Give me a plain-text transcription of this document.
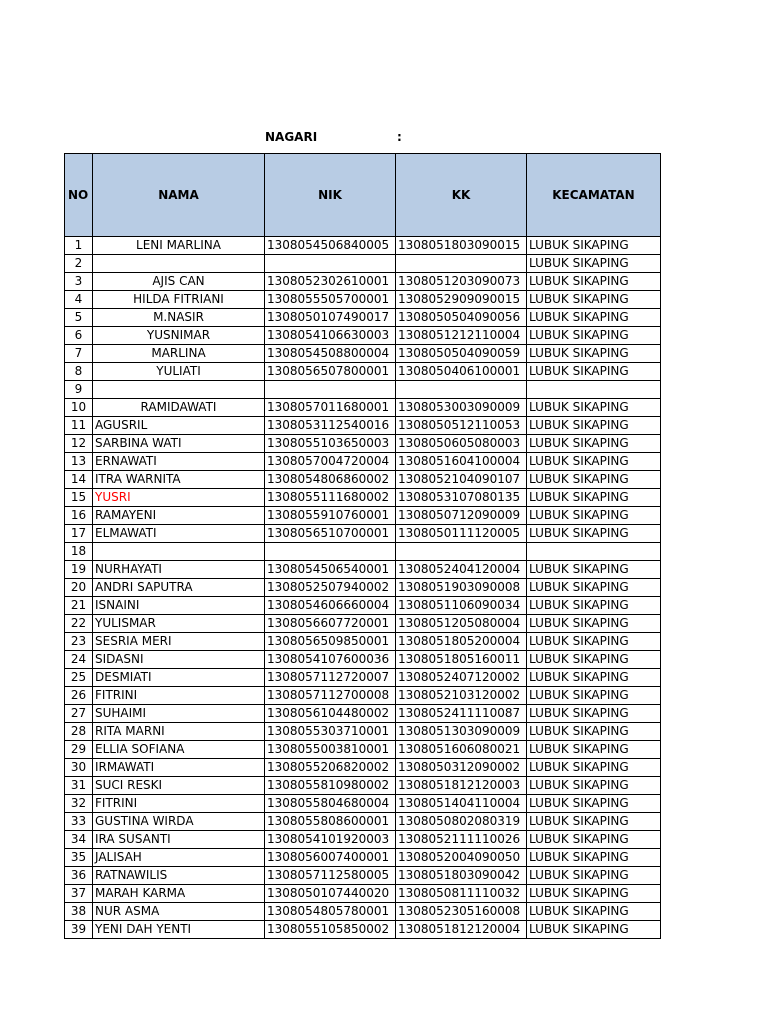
NAGARI	:
NO	NAMA	NIK	KK	KECAMATAN
1	LENI MARLINA	1308054506840005	1308051803090015	LUBUK SIKAPING
2				LUBUK SIKAPING
3	AJIS CAN	1308052302610001	1308051203090073	LUBUK SIKAPING
4	HILDA FITRIANI	1308055505700001	1308052909090015	LUBUK SIKAPING
5	M.NASIR	1308050107490017	1308050504090056	LUBUK SIKAPING
6	YUSNIMAR	1308054106630003	1308051212110004	LUBUK SIKAPING
7	MARLINA	1308054508800004	1308050504090059	LUBUK SIKAPING
8	YULIATI	1308056507800001	1308050406100001	LUBUK SIKAPING
9				
10	RAMIDAWATI	1308057011680001	1308053003090009	LUBUK SIKAPING
11	AGUSRIL	1308053112540016	1308050512110053	LUBUK SIKAPING
12	SARBINA WATI	1308055103650003	1308050605080003	LUBUK SIKAPING
13	ERNAWATI	1308057004720004	1308051604100004	LUBUK SIKAPING
14	ITRA WARNITA	1308054806860002	1308052104090107	LUBUK SIKAPING
15	YUSRI	1308055111680002	1308053107080135	LUBUK SIKAPING
16	RAMAYENI	1308055910760001	1308050712090009	LUBUK SIKAPING
17	ELMAWATI	1308056510700001	1308050111120005	LUBUK SIKAPING
18				
19	NURHAYATI	1308054506540001	1308052404120004	LUBUK SIKAPING
20	ANDRI SAPUTRA	1308052507940002	1308051903090008	LUBUK SIKAPING
21	ISNAINI	1308054606660004	1308051106090034	LUBUK SIKAPING
22	YULISMAR	1308056607720001	1308051205080004	LUBUK SIKAPING
23	SESRIA MERI	1308056509850001	1308051805200004	LUBUK SIKAPING
24	SIDASNI	1308054107600036	1308051805160011	LUBUK SIKAPING
25	DESMIATI	1308057112720007	1308052407120002	LUBUK SIKAPING
26	FITRINI	1308057112700008	1308052103120002	LUBUK SIKAPING
27	SUHAIMI	1308056104480002	1308052411110087	LUBUK SIKAPING
28	RITA MARNI	1308055303710001	1308051303090009	LUBUK SIKAPING
29	ELLIA SOFIANA	1308055003810001	1308051606080021	LUBUK SIKAPING
30	IRMAWATI	1308055206820002	1308050312090002	LUBUK SIKAPING
31	SUCI RESKI	1308055810980002	1308051812120003	LUBUK SIKAPING
32	FITRINI	1308055804680004	1308051404110004	LUBUK SIKAPING
33	GUSTINA WIRDA	1308055808600001	1308050802080319	LUBUK SIKAPING
34	IRA SUSANTI	1308054101920003	1308052111110026	LUBUK SIKAPING
35	JALISAH	1308056007400001	1308052004090050	LUBUK SIKAPING
36	RATNAWILIS	1308057112580005	1308051803090042	LUBUK SIKAPING
37	MARAH KARMA	1308050107440020	1308050811110032	LUBUK SIKAPING
38	NUR ASMA	1308054805780001	1308052305160008	LUBUK SIKAPING
39	YENI DAH YENTI	1308055105850002	1308051812120004	LUBUK SIKAPING
